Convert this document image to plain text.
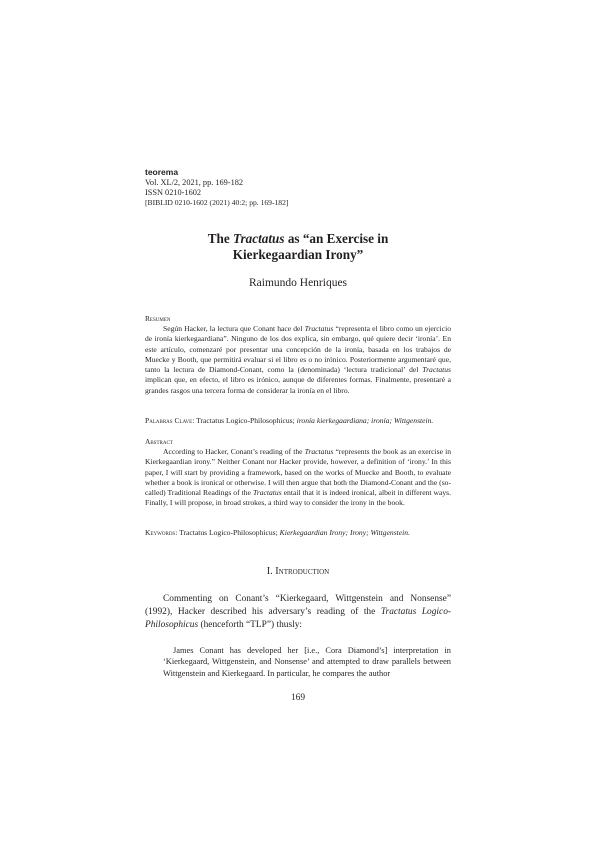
teorema
Vol. XL/2, 2021, pp. 169-182
ISSN 0210-1602
[BIBLID 0210-1602 (2021) 40:2; pp. 169-182]
The Tractatus as “an Exercise in
Kierkegaardian Irony”
Raimundo Henriques
Resumen
Según Hacker, la lectura que Conant hace del Tractatus “representa el libro como un ejercicio de ironía kierkegaardiana”. Ninguno de los dos explica, sin embargo, qué quiere decir ‘ironía’. En este artículo, comenzaré por presentar una concepción de la ironía, basada en los trabajos de Muecke y Booth, que permitirá evaluar si el libro es o no irónico. Posteriormente argumentaré que, tanto la lectura de Diamond-Conant, como la (denominada) ‘lectura tradicional’ del Tractatus implican que, en efecto, el libro es irónico, aunque de diferentes formas. Finalmente, presentaré a grandes rasgos una tercera forma de considerar la ironía en el libro.
Palabras Clave: Tractatus Logico-Philosophicus; ironía kierkegaardiana; ironía; Wittgenstein.
Abstract
According to Hacker, Conant’s reading of the Tractatus “represents the book as an exercise in Kierkegaardian irony.” Neither Conant nor Hacker provide, however, a definition of ‘irony.’ In this paper, I will start by providing a framework, based on the works of Muecke and Booth, to evaluate whether a book is ironical or otherwise. I will then argue that both the Diamond-Conant and the (so-called) Traditional Readings of the Tractatus entail that it is indeed ironical, albeit in different ways. Finally, I will propose, in broad strokes, a third way to consider the irony in the book.
Keywords: Tractatus Logico-Philosophicus; Kierkegaardian Irony; Irony; Wittgenstein.
I. Introduction
Commenting on Conant’s “Kierkegaard, Wittgenstein and Nonsense” (1992), Hacker described his adversary’s reading of the Tractatus Logico-Philosophicus (henceforth “TLP”) thusly:
James Conant has developed her [i.e., Cora Diamond’s] interpretation in ‘Kierkegaard, Wittgenstein, and Nonsense’ and attempted to draw parallels between Wittgenstein and Kierkegaard. In particular, he compares the author
169
